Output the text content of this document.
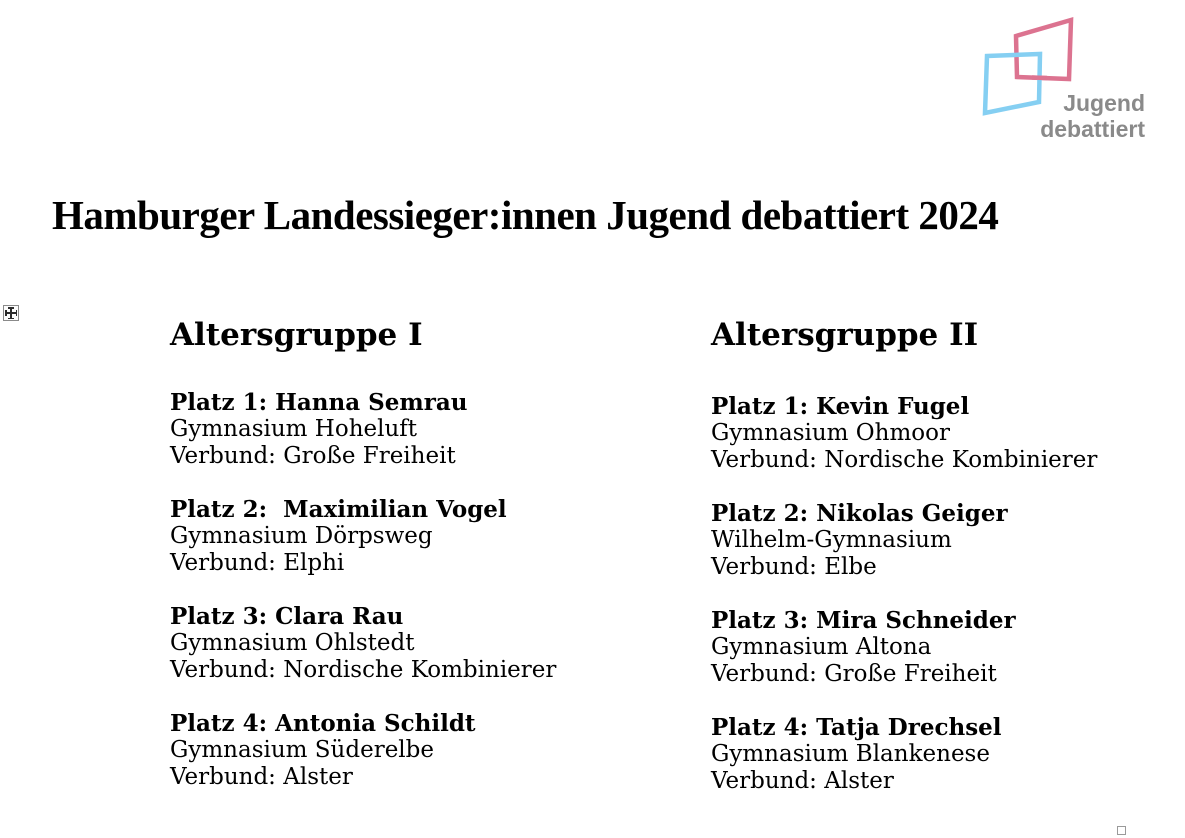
Jugend
debattiert
Hamburger Landessieger:innen Jugend debattiert 2024
Altersgruppe I

Platz 1: Hanna Semrau

Gymnasium Hoheluft

Verbund: Große Freiheit

Platz 2:  Maximilian Vogel

Gymnasium Dörpsweg

Verbund: Elphi

Platz 3: Clara Rau

Gymnasium Ohlstedt

Verbund: Nordische Kombinierer

Platz 4: Antonia Schildt

Gymnasium Süderelbe

Verbund: Alster

Altersgruppe II

Platz 1: Kevin Fugel

Gymnasium Ohmoor

Verbund: Nordische Kombinierer

Platz 2: Nikolas Geiger

Wilhelm-Gymnasium

Verbund: Elbe

Platz 3: Mira Schneider

Gymnasium Altona

Verbund: Große Freiheit

Platz 4: Tatja Drechsel

Gymnasium Blankenese

Verbund: Alster
